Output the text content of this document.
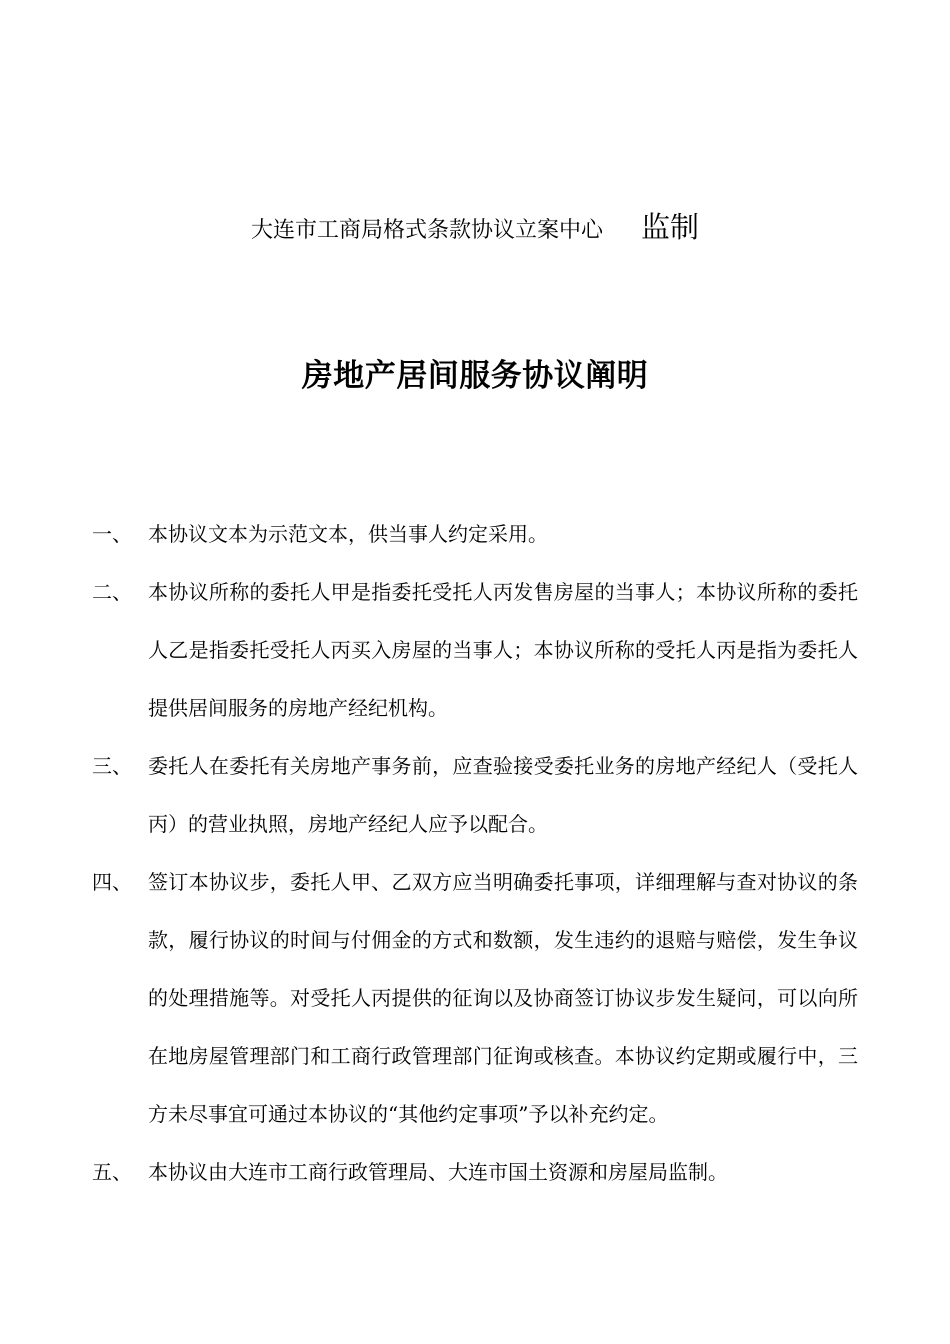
大连市工商局格式条款协议立案中心 监制
房地产居间服务协议阐明
一、 本协议文本为示范文本，供当事人约定采用。
二、 本协议所称的委托人甲是指委托受托人丙发售房屋的当事人；本协议所称的委托人乙是指委托受托人丙买入房屋的当事人；本协议所称的受托人丙是指为委托人提供居间服务的房地产经纪机构。
三、 委托人在委托有关房地产事务前，应查验接受委托业务的房地产经纪人（受托人丙）的营业执照，房地产经纪人应予以配合。
四、 签订本协议步，委托人甲、乙双方应当明确委托事项，详细理解与查对协议的条款，履行协议的时间与付佣金的方式和数额，发生违约的退赔与赔偿，发生争议的处理措施等。对受托人丙提供的征询以及协商签订协议步发生疑问，可以向所在地房屋管理部门和工商行政管理部门征询或核查。本协议约定期或履行中，三方未尽事宜可通过本协议的“其他约定事项”予以补充约定。
五、 本协议由大连市工商行政管理局、大连市国土资源和房屋局监制。
